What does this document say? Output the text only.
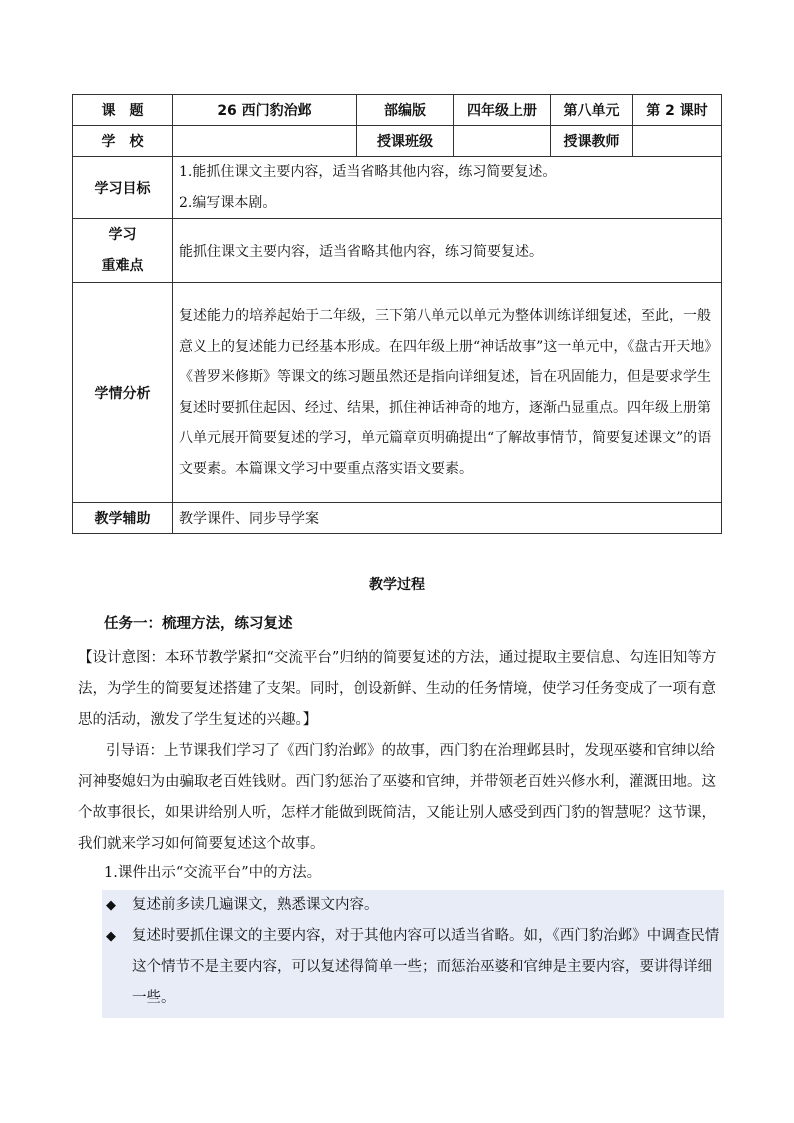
课　题	26 西门豹治邺	部编版	四年级上册	第八单元	第 2 课时
学　校		授课班级		授课教师	
学习目标	1.能抓住课文主要内容，适当省略其他内容，练习简要复述。
2.编写课本剧。				

学习
重难点	能抓住课文主要内容，适当省略其他内容，练习简要复述。				
学情分析	复述能力的培养起始于二年级，三下第八单元以单元为整体训练详细复述，至此，一般意义上的复述能力已经基本形成。在四年级上册“神话故事”这一单元中，《盘古开天地》《普罗米修斯》等课文的练习题虽然还是指向详细复述，旨在巩固能力，但是要求学生复述时要抓住起因、经过、结果，抓住神话神奇的地方，逐渐凸显重点。四年级上册第八单元展开简要复述的学习，单元篇章页明确提出“了解故事情节，简要复述课文”的语文要素。本篇课文学习中要重点落实语文要素。				
教学辅助	教学课件、同步导学案				
教学过程
任务一：梳理方法，练习复述

【设计意图：本环节教学紧扣“交流平台”归纳的简要复述的方法，通过提取主要信息、勾连旧知等方法，为学生的简要复述搭建了支架。同时，创设新鲜、生动的任务情境，使学习任务变成了一项有意思的活动，激发了学生复述的兴趣。】

引导语：上节课我们学习了《西门豹治邺》的故事，西门豹在治理邺县时，发现巫婆和官绅以给河神娶媳妇为由骗取老百姓钱财。西门豹惩治了巫婆和官绅，并带领老百姓兴修水利，灌溉田地。这个故事很长，如果讲给别人听，怎样才能做到既简洁，又能让别人感受到西门豹的智慧呢？这节课，我们就来学习如何简要复述这个故事。

1.课件出示“交流平台”中的方法。
◆ 复述前多读几遍课文，熟悉课文内容。
◆ 复述时要抓住课文的主要内容，对于其他内容可以适当省略。如，《西门豹治邺》中调查民情这个情节不是主要内容，可以复述得简单一些；而惩治巫婆和官绅是主要内容，要讲得详细一些。
